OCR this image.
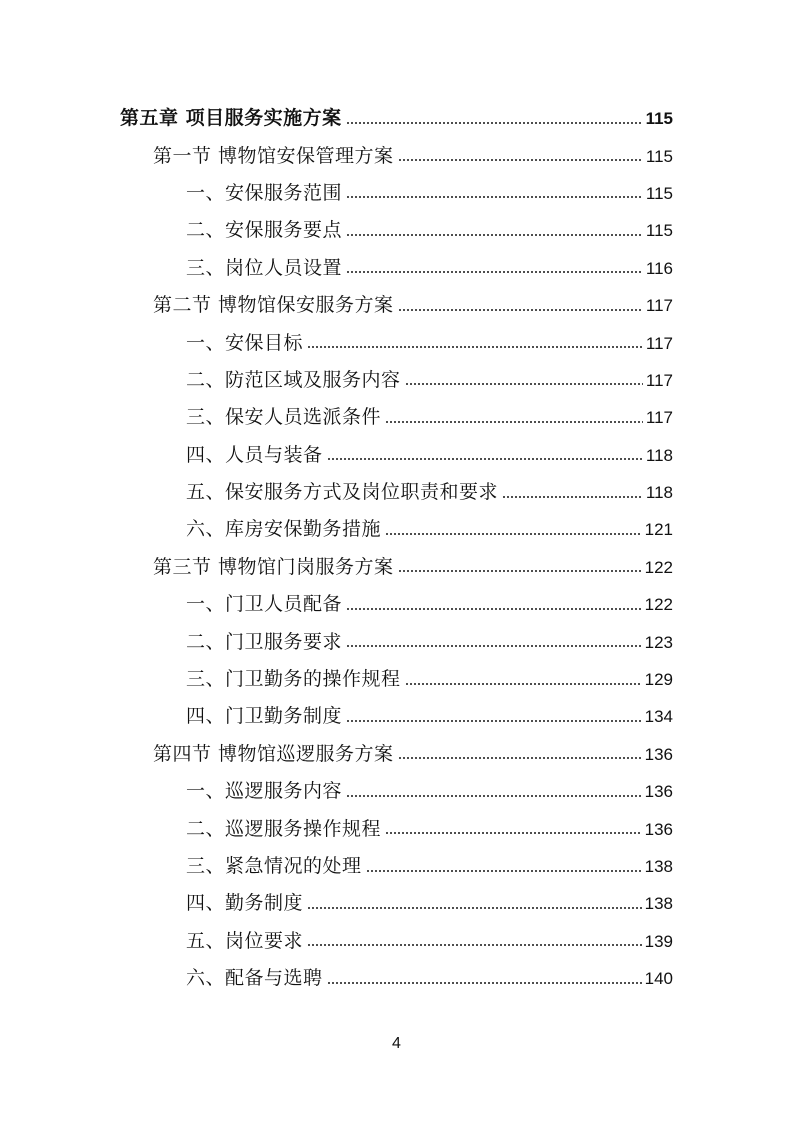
第五章 项目服务实施方案	115
第一节 博物馆安保管理方案	115
一、安保服务范围	115
二、安保服务要点	115
三、岗位人员设置	116
第二节 博物馆保安服务方案	117
一、安保目标	117
二、防范区域及服务内容	117
三、保安人员选派条件	117
四、人员与装备	118
五、保安服务方式及岗位职责和要求	118
六、库房安保勤务措施	121
第三节 博物馆门岗服务方案	122
一、门卫人员配备	122
二、门卫服务要求	123
三、门卫勤务的操作规程	129
四、门卫勤务制度	134
第四节 博物馆巡逻服务方案	136
一、巡逻服务内容	136
二、巡逻服务操作规程	136
三、紧急情况的处理	138
四、勤务制度	138
五、岗位要求	139
六、配备与选聘	140
4
